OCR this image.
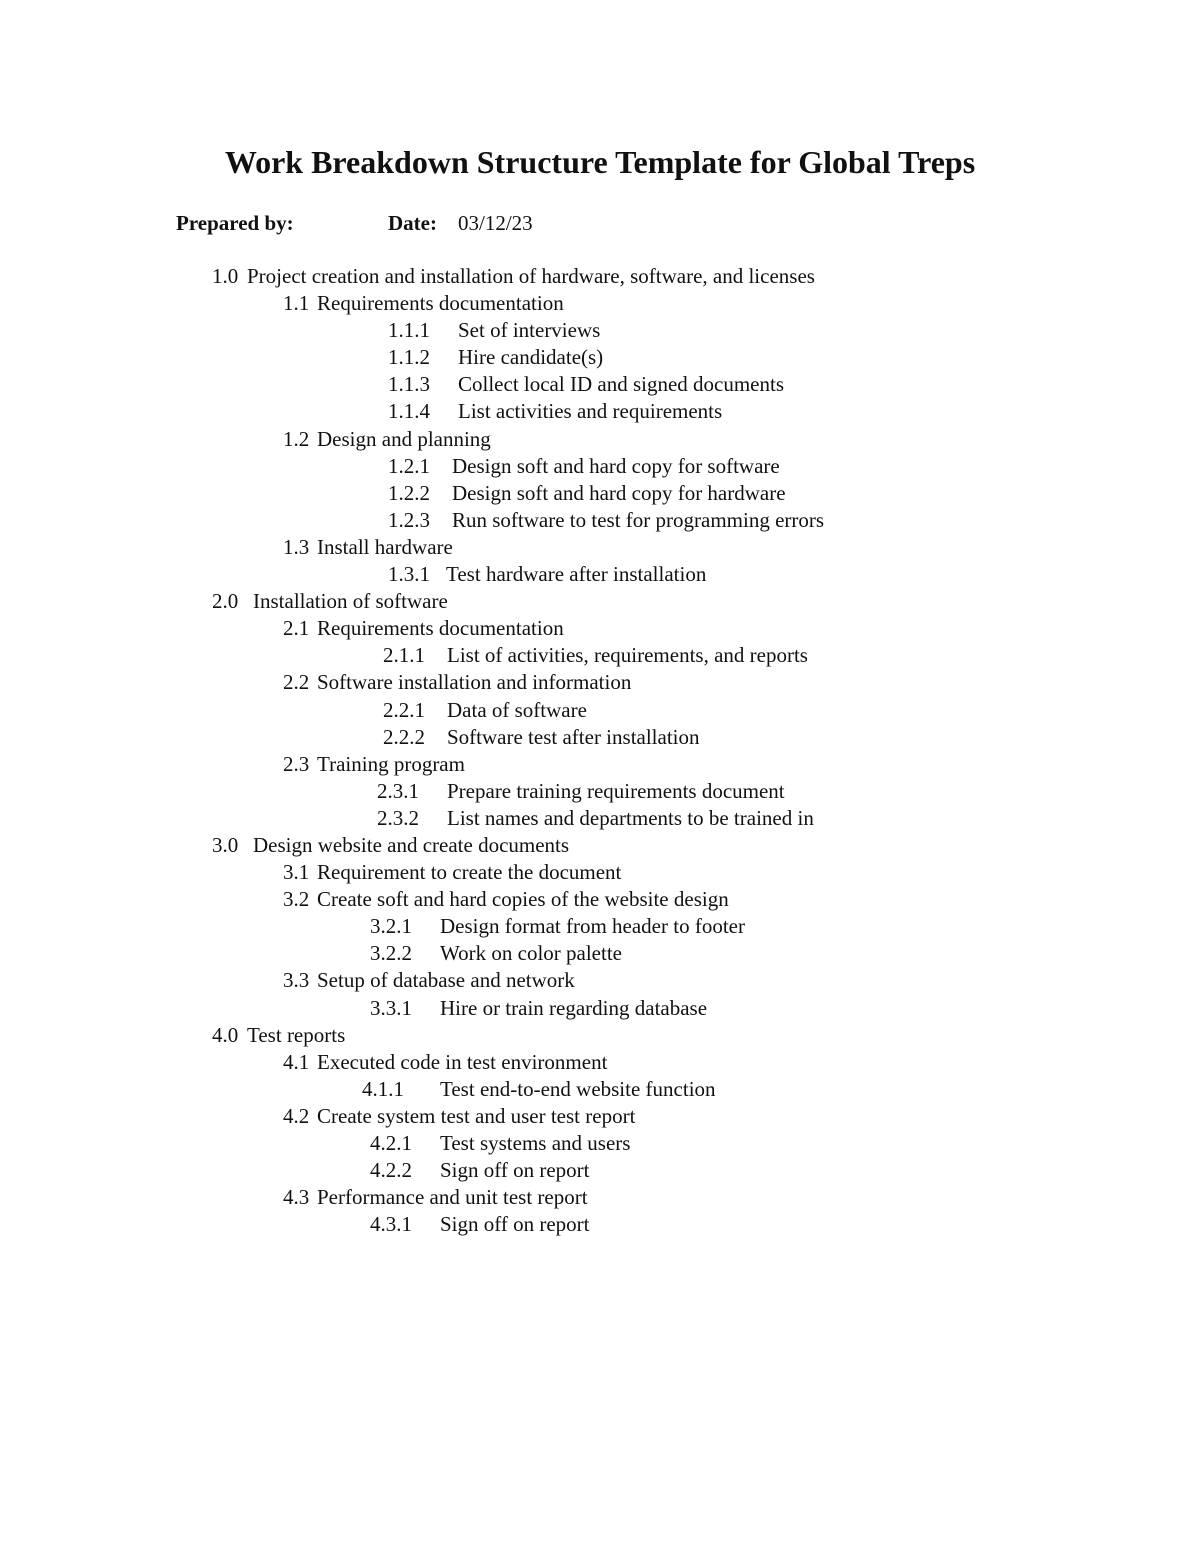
Work Breakdown Structure Template for Global Treps
Prepared by:	Date: 03/12/23
1.0 Project creation and installation of hardware, software, and licenses
1.1 Requirements documentation
1.1.1 Set of interviews
1.1.2 Hire candidate(s)
1.1.3 Collect local ID and signed documents
1.1.4 List activities and requirements
1.2 Design and planning
1.2.1 Design soft and hard copy for software
1.2.2 Design soft and hard copy for hardware
1.2.3 Run software to test for programming errors
1.3 Install hardware
1.3.1 Test hardware after installation
2.0 Installation of software
2.1 Requirements documentation
2.1.1 List of activities, requirements, and reports
2.2 Software installation and information
2.2.1 Data of software
2.2.2 Software test after installation
2.3 Training program
2.3.1 Prepare training requirements document
2.3.2 List names and departments to be trained in
3.0 Design website and create documents
3.1 Requirement to create the document
3.2 Create soft and hard copies of the website design
3.2.1 Design format from header to footer
3.2.2 Work on color palette
3.3 Setup of database and network
3.3.1 Hire or train regarding database
4.0 Test reports
4.1 Executed code in test environment
4.1.1 Test end-to-end website function
4.2 Create system test and user test report
4.2.1 Test systems and users
4.2.2 Sign off on report
4.3 Performance and unit test report
4.3.1 Sign off on report
